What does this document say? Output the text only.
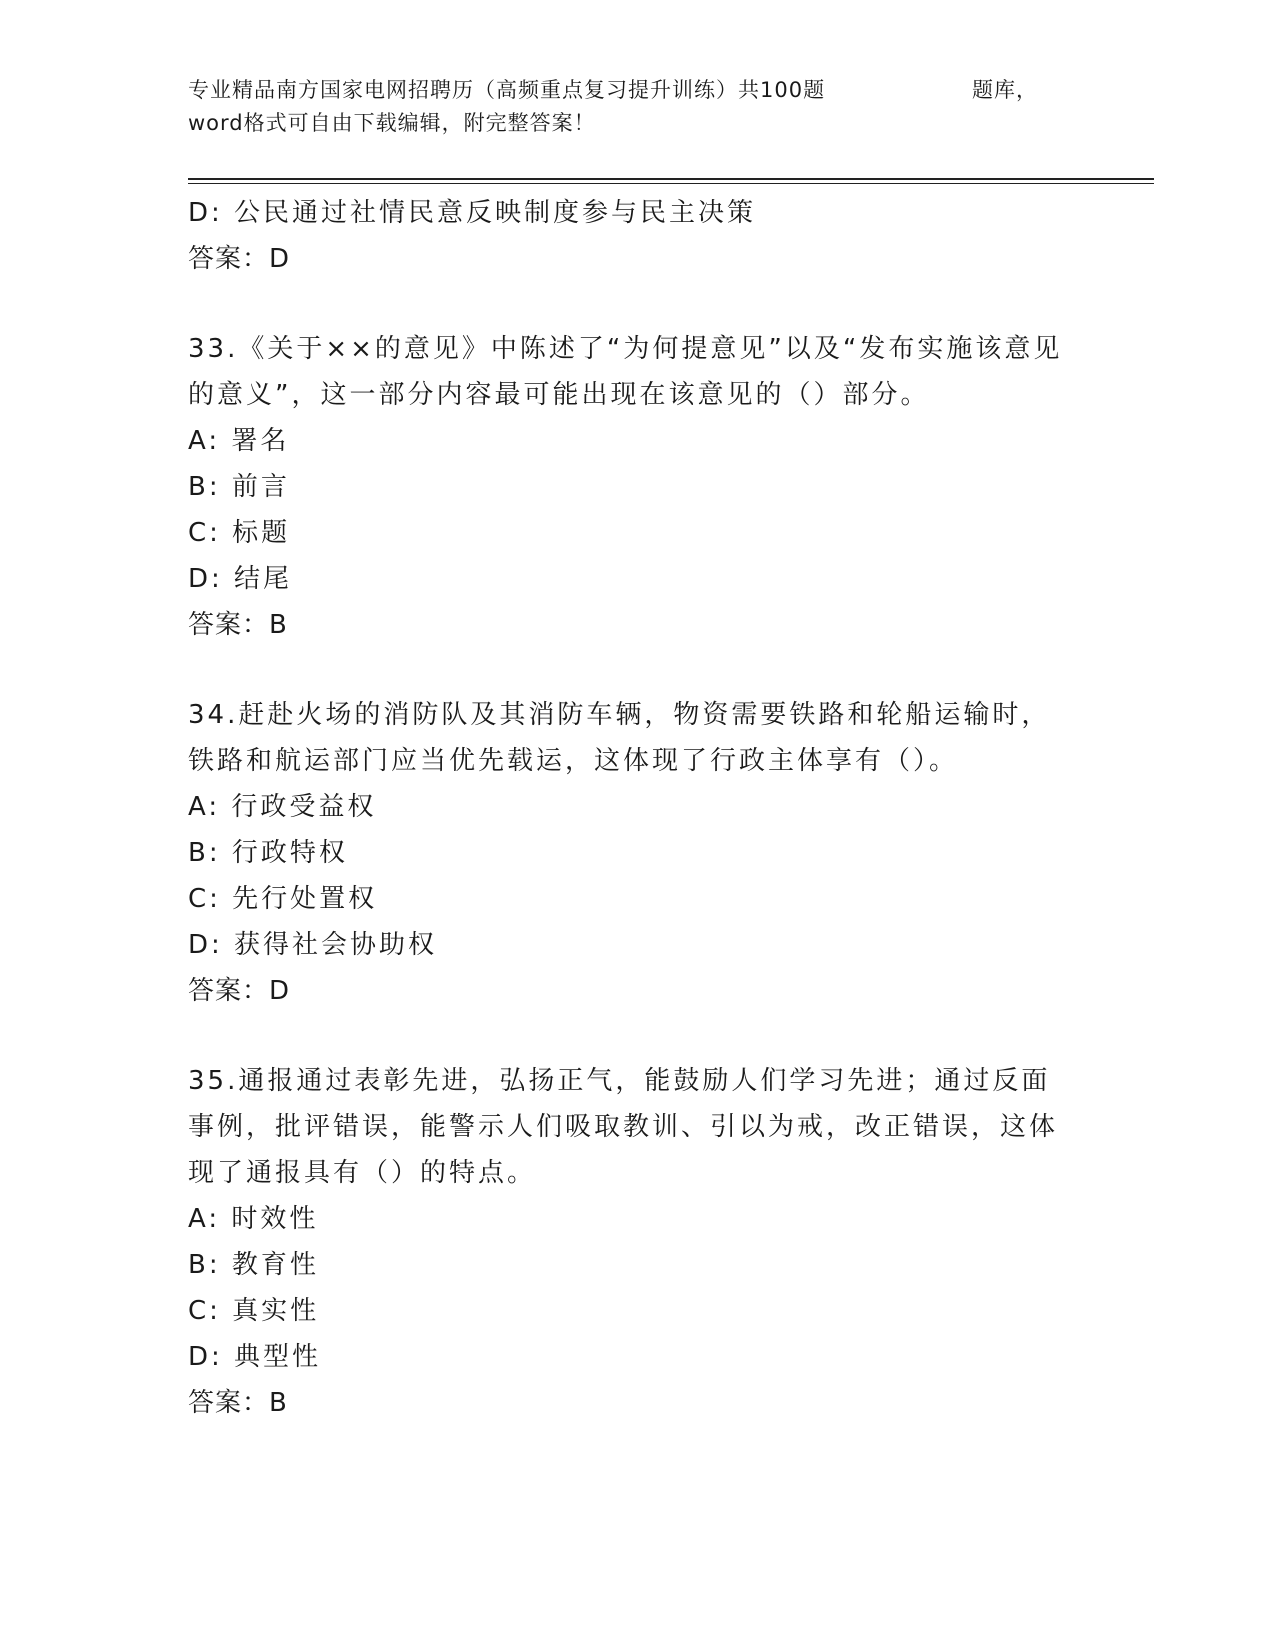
专业精品南方国家电网招聘历（高频重点复习提升训练）共100题	题库，
word格式可自由下载编辑，附完整答案！
D: 公民通过社情民意反映制度参与民主决策
答案：D
33.《关于××的意见》中陈述了“为何提意见”以及“发布实施该意见的意义”，这一部分内容最可能出现在该意见的（）部分。
A: 署名
B: 前言
C: 标题
D: 结尾
答案：B
34.赶赴火场的消防队及其消防车辆，物资需要铁路和轮船运输时，铁路和航运部门应当优先载运，这体现了行政主体享有（）。
A: 行政受益权
B: 行政特权
C: 先行处置权
D: 获得社会协助权
答案：D
35.通报通过表彰先进，弘扬正气，能鼓励人们学习先进；通过反面事例，批评错误，能警示人们吸取教训、引以为戒，改正错误，这体现了通报具有（）的特点。
A: 时效性
B: 教育性
C: 真实性
D: 典型性
答案：B
